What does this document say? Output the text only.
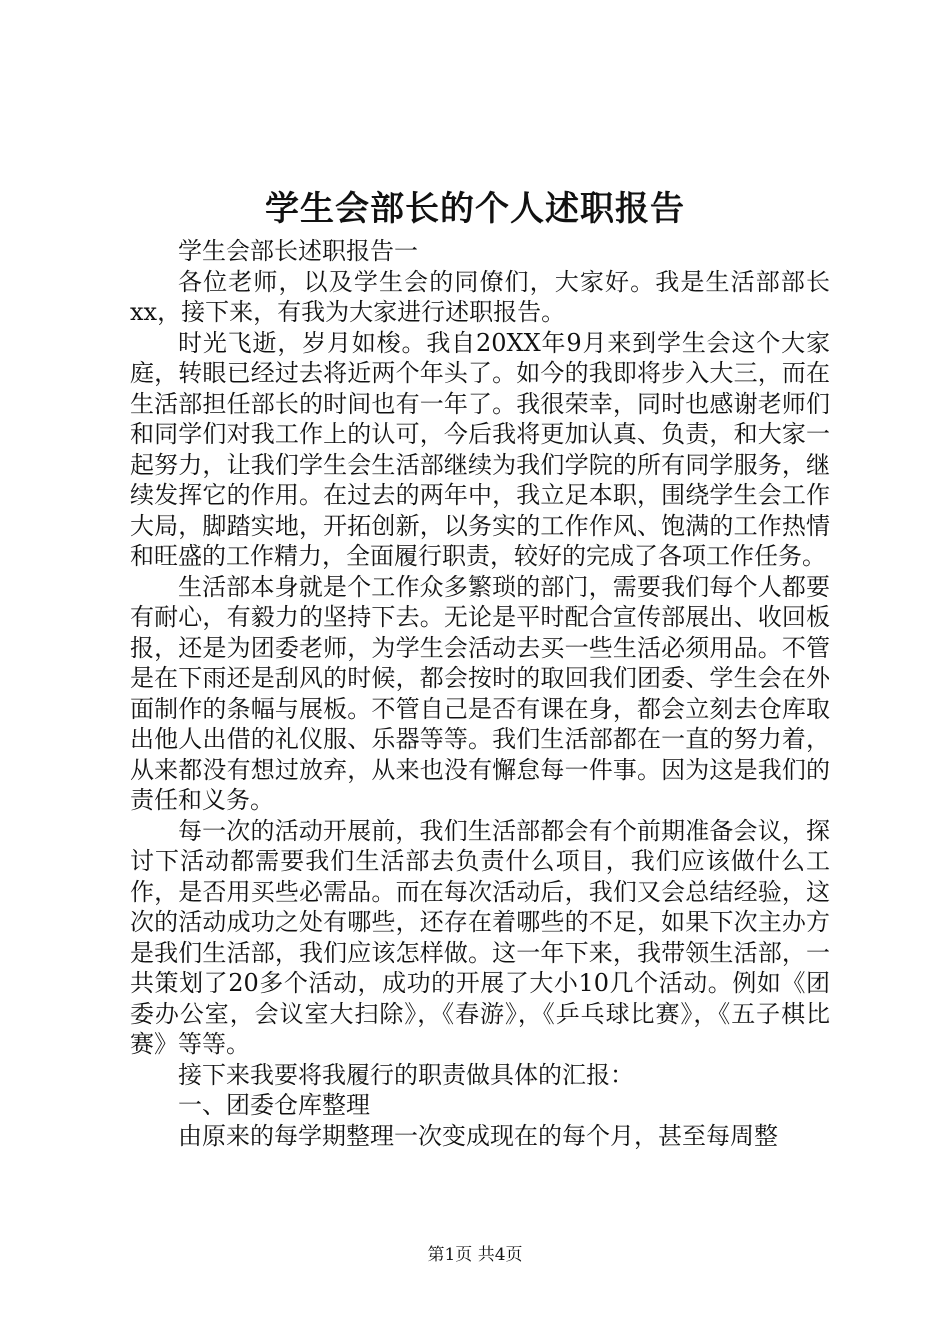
学生会部长的个人述职报告

学生会部长述职报告一

各位老师，以及学生会的同僚们，大家好。我是生活部部长xx，接下来，有我为大家进行述职报告。

时光飞逝，岁月如梭。我自20XX年9月来到学生会这个大家庭，转眼已经过去将近两个年头了。如今的我即将步入大三，而在生活部担任部长的时间也有一年了。我很荣幸，同时也感谢老师们和同学们对我工作上的认可，今后我将更加认真、负责，和大家一起努力，让我们学生会生活部继续为我们学院的所有同学服务，继续发挥它的作用。在过去的两年中，我立足本职，围绕学生会工作大局，脚踏实地，开拓创新，以务实的工作作风、饱满的工作热情和旺盛的工作精力，全面履行职责，较好的完成了各项工作任务。

生活部本身就是个工作众多繁琐的部门，需要我们每个人都要有耐心，有毅力的坚持下去。无论是平时配合宣传部展出、收回板报，还是为团委老师，为学生会活动去买一些生活必须用品。不管是在下雨还是刮风的时候，都会按时的取回我们团委、学生会在外面制作的条幅与展板。不管自己是否有课在身，都会立刻去仓库取出他人出借的礼仪服、乐器等等。我们生活部都在一直的努力着，从来都没有想过放弃，从来也没有懈怠每一件事。因为这是我们的责任和义务。

每一次的活动开展前，我们生活部都会有个前期准备会议，探讨下活动都需要我们生活部去负责什么项目，我们应该做什么工作，是否用买些必需品。而在每次活动后，我们又会总结经验，这次的活动成功之处有哪些，还存在着哪些的不足，如果下次主办方是我们生活部，我们应该怎样做。这一年下来，我带领生活部，一共策划了20多个活动，成功的开展了大小10几个活动。例如《团委办公室，会议室大扫除》，《春游》，《乒乓球比赛》，《五子棋比赛》等等。

接下来我要将我履行的职责做具体的汇报：

一、团委仓库整理

由原来的每学期整理一次变成现在的每个月，甚至每周整

第1页 共4页
